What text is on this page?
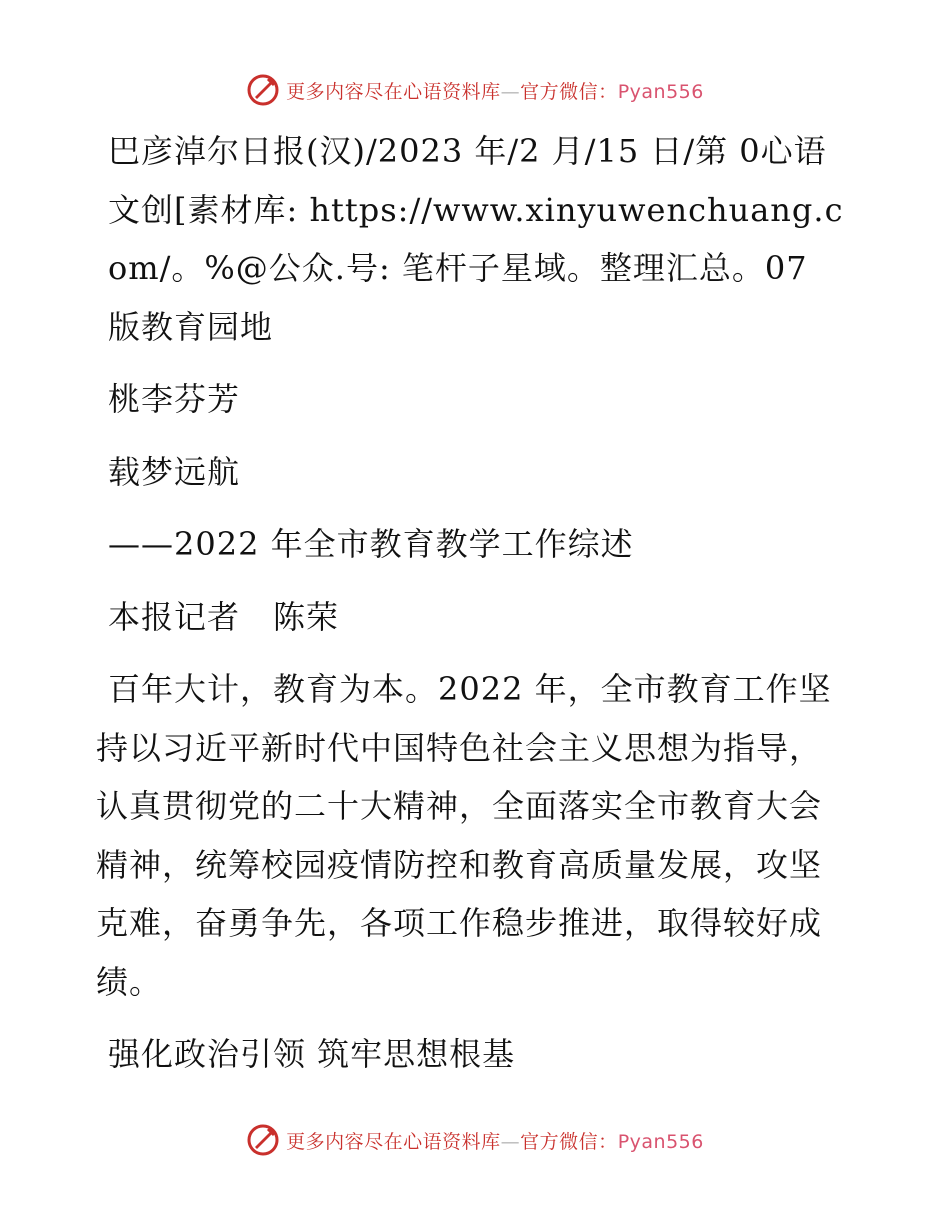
更多内容尽在心语资料库—官方微信：Pyan556

巴彦淖尔日报(汉)/2023 年/2 月/15 日/第 0心语文创[素材库: https://www.xinyuwenchuang.com/。%@公众.号: 笔杆子星域。整理汇总。07 版教育园地

桃李芬芳

载梦远航

——2022 年全市教育教学工作综述

本报记者　陈荣

百年大计，教育为本。2022 年，全市教育工作坚持以习近平新时代中国特色社会主义思想为指导，认真贯彻党的二十大精神，全面落实全市教育大会精神，统筹校园疫情防控和教育高质量发展，攻坚克难，奋勇争先，各项工作稳步推进，取得较好成绩。

强化政治引领 筑牢思想根基

更多内容尽在心语资料库—官方微信：Pyan556
